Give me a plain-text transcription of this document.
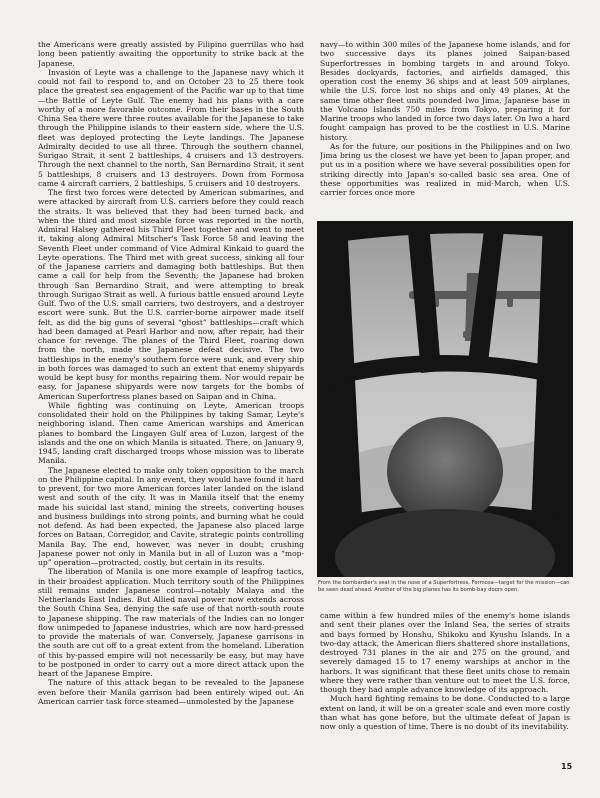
the Americans were greatly assisted by Filipino guerrillas who had long been patiently awaiting the opportunity to strike back at the Japanese.

Invasion of Leyte was a challenge to the Japanese navy which it could not fail to respond to, and on October 23 to 25 there took place the greatest sea engagement of the Pacific war up to that time—the Battle of Leyte Gulf. The enemy had his plans with a care worthy of a more favorable outcome. From their bases in the South China Sea there were three routes available for the Japanese to take through the Philippine islands to their eastern side, where the U.S. fleet was deployed protecting the Leyte landings. The Japanese Admiralty decided to use all three. Through the southern channel, Surigao Strait, it sent 2 battleships, 4 cruisers and 13 destroyers. Through the next channel to the north, San Bernardino Strait, it sent 5 battleships, 8 cruisers and 13 destroyers. Down from Formosa came 4 aircraft carriers, 2 battleships, 5 cruisers and 10 destroyers.

The first two forces were detected by American submarines, and were attacked by aircraft from U.S. carriers before they could reach the straits. It was believed that they had been turned back, and when the third and most sizeable force was reported in the north, Admiral Halsey gathered his Third Fleet together and went to meet it, taking along Admiral Mitscher's Task Force 58 and leaving the Seventh Fleet under command of Vice Admiral Kinkaid to guard the Leyte operations. The Third met with great success, sinking all four of the Japanese carriers and damaging both battleships. But then came a call for help from the Seventh; the Japanese had broken through San Bernardino Strait, and were attempting to break through Surigao Strait as well. A furious battle ensued around Leyte Gulf. Two of the U.S. small carriers, two destroyers, and a destroyer escort were sunk. But the U.S. carrier-borne airpower made itself felt, as did the big guns of several “ghost” battleships—craft which had been damaged at Pearl Harbor and now, after repair, had their chance for revenge. The planes of the Third Fleet, roaring down from the north, made the Japanese defeat decisive. The two battleships in the enemy's southern force were sunk, and every ship in both forces was damaged to such an extent that enemy shipyards would be kept busy for months repairing them. Nor would repair be easy, for Japanese shipyards were now targets for the bombs of American Superfortress planes based on Saipan and in China.

While fighting was continuing on Leyte, American troops consolidated their hold on the Philippines by taking Samar, Leyte's neighboring island. Then came American warships and American planes to bombard the Lingayen Gulf area of Luzon, largest of the islands and the one on which Manila is situated. There, on January 9, 1945, landing craft discharged troops whose mission was to liberate Manila.

The Japanese elected to make only token opposition to the march on the Philippine capital. In any event, they would have found it hard to prevent, for two more American forces later landed on the island west and south of the city. It was in Manila itself that the enemy made his suicidal last stand, mining the streets, converting houses and business buildings into strong points, and burning what he could not defend. As had been expected, the Japanese also placed large forces on Bataan, Corregidor, and Cavite, strategic points controlling Manila Bay. The end, however, was never in doubt; crushing Japanese power not only in Manila but in all of Luzon was a “mop-up” operation—protracted, costly, but certain in its results.

The liberation of Manila is one more example of leapfrog tactics, in their broadest application. Much territory south of the Philippines still remains under Japanese control—notably Malaya and the Netherlands East Indies. But Allied naval power now extends across the South China Sea, denying the safe use of that north-south route to Japanese shipping. The raw materials of the Indies can no longer flow unimpeded to Japanese industries, which are now hard-pressed to provide the materials of war. Conversely, Japanese garrisons in the south are cut off to a great extent from the homeland. Liberation of this by-passed empire will not necessarily be easy, but may have to be postponed in order to carry out a more direct attack upon the heart of the Japanese Empire.

The nature of this attack began to be revealed to the Japanese even before their Manila garrison had been entirely wiped out. An American carrier task force steamed—unmolested by the Japanese

navy—to within 300 miles of the Japanese home islands, and for two successive days its planes joined Saipan-based Superfortresses in bombing targets in and around Tokyo. Besides dockyards, factories, and airfields damaged, this operation cost the enemy 36 ships and at least 509 airplanes, while the U.S. force lost no ships and only 49 planes. At the same time other fleet units pounded Iwo Jima, Japanese base in the Volcano Islands 750 miles from Tokyo, preparing it for Marine troops who landed in force two days later. On Iwo a hard fought campaign has proved to be the costliest in U.S. Marine history.

As for the future, our positions in the Philippines and on Iwo Jima bring us the closest we have yet been to Japan proper, and put us in a position where we have several possibilities open for striking directly into Japan's so-called basic sea area. One of these opportunities was realized in mid-March, when U.S. carrier forces once more

From the bombardier's seat in the nose of a Superfortress, Formosa—target for the mission—can be seen dead ahead. Another of the big planes has its bomb-bay doors open.

came within a few hundred miles of the enemy's home islands and sent their planes over the Inland Sea, the series of straits and bays formed by Honshu, Shikoku and Kyushu Islands. In a two-day attack, the American fliers shattered shore installations, destroyed 731 planes in the air and 275 on the ground, and severely damaged 15 to 17 enemy warships at anchor in the harbors. It was significant that these fleet units chose to remain where they were rather than venture out to meet the U.S. force, though they had ample advance knowledge of its approach.

Much hard fighting remains to be done. Conducted to a large extent on land, it will be on a greater scale and even more costly than what has gone before, but the ultimate defeat of Japan is now only a question of time. There is no doubt of its inevitability.

15
